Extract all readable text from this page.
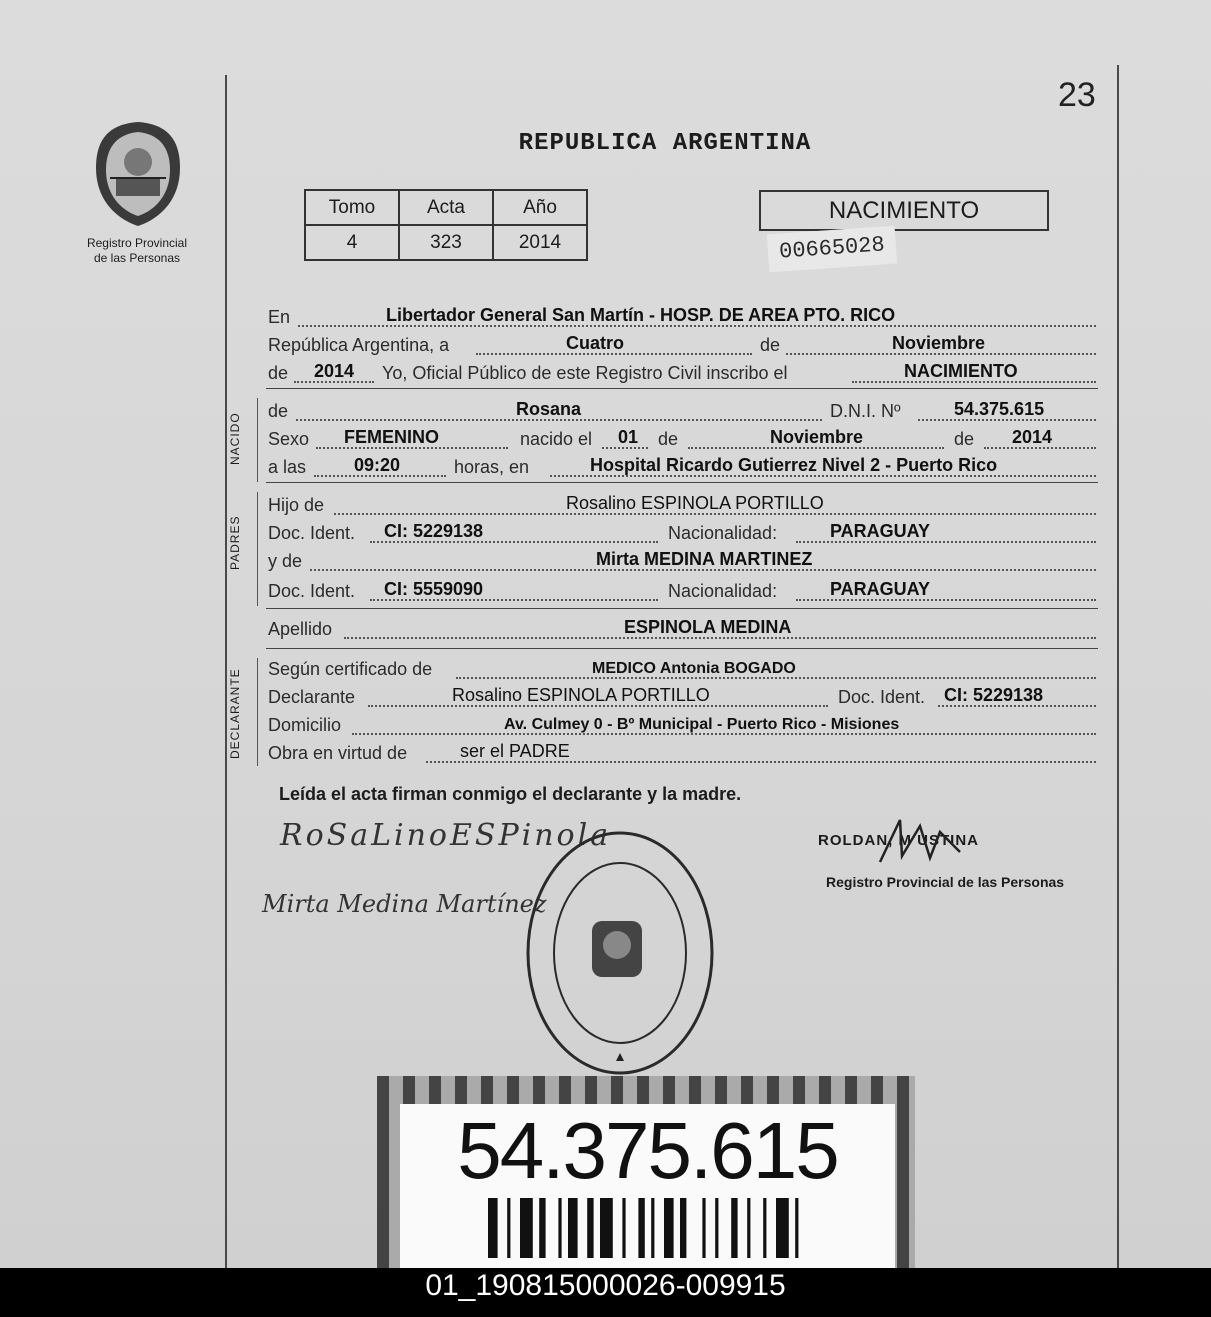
23
Registro Provincial
de las Personas
REPUBLICA ARGENTINA
Tomo	Acta	Año
4	323	2014
NACIMIENTO
00665028
En	Libertador General San Martín - HOSP. DE AREA PTO. RICO
República Argentina, a	Cuatro	de	Noviembre
de 2014 Yo, Oficial Público de este Registro Civil inscribo el	NACIMIENTO
NACIDO
de	Rosana	D.N.I. Nº	54.375.615
Sexo FEMENINO	nacido el 01 de	Noviembre	de 2014
a las	09:20	horas, en	Hospital Ricardo Gutierrez Nivel 2 - Puerto Rico
PADRES
Hijo de	Rosalino ESPINOLA PORTILLO
Doc. Ident. CI: 5229138	Nacionalidad:	PARAGUAY
y de	Mirta MEDINA MARTINEZ
Doc. Ident. CI: 5559090	Nacionalidad:	PARAGUAY
Apellido	ESPINOLA MEDINA
DECLARANTE	Según certificado de	MEDICO Antonia BOGADO
Declarante	Rosalino ESPINOLA PORTILLO	Doc. Ident. CI: 5229138
Domicilio	Av. Culmey 0 - Bº Municipal - Puerto Rico - Misiones
Obra en virtud de	ser el PADRE
Leída el acta firman conmigo el declarante y la madre.
RoSaLinoESPinola
Mirta Medina Martínez
ROLDAN, M USTINA
Registro Provincial de las Personas
54.375.615
01_190815000026-009915
